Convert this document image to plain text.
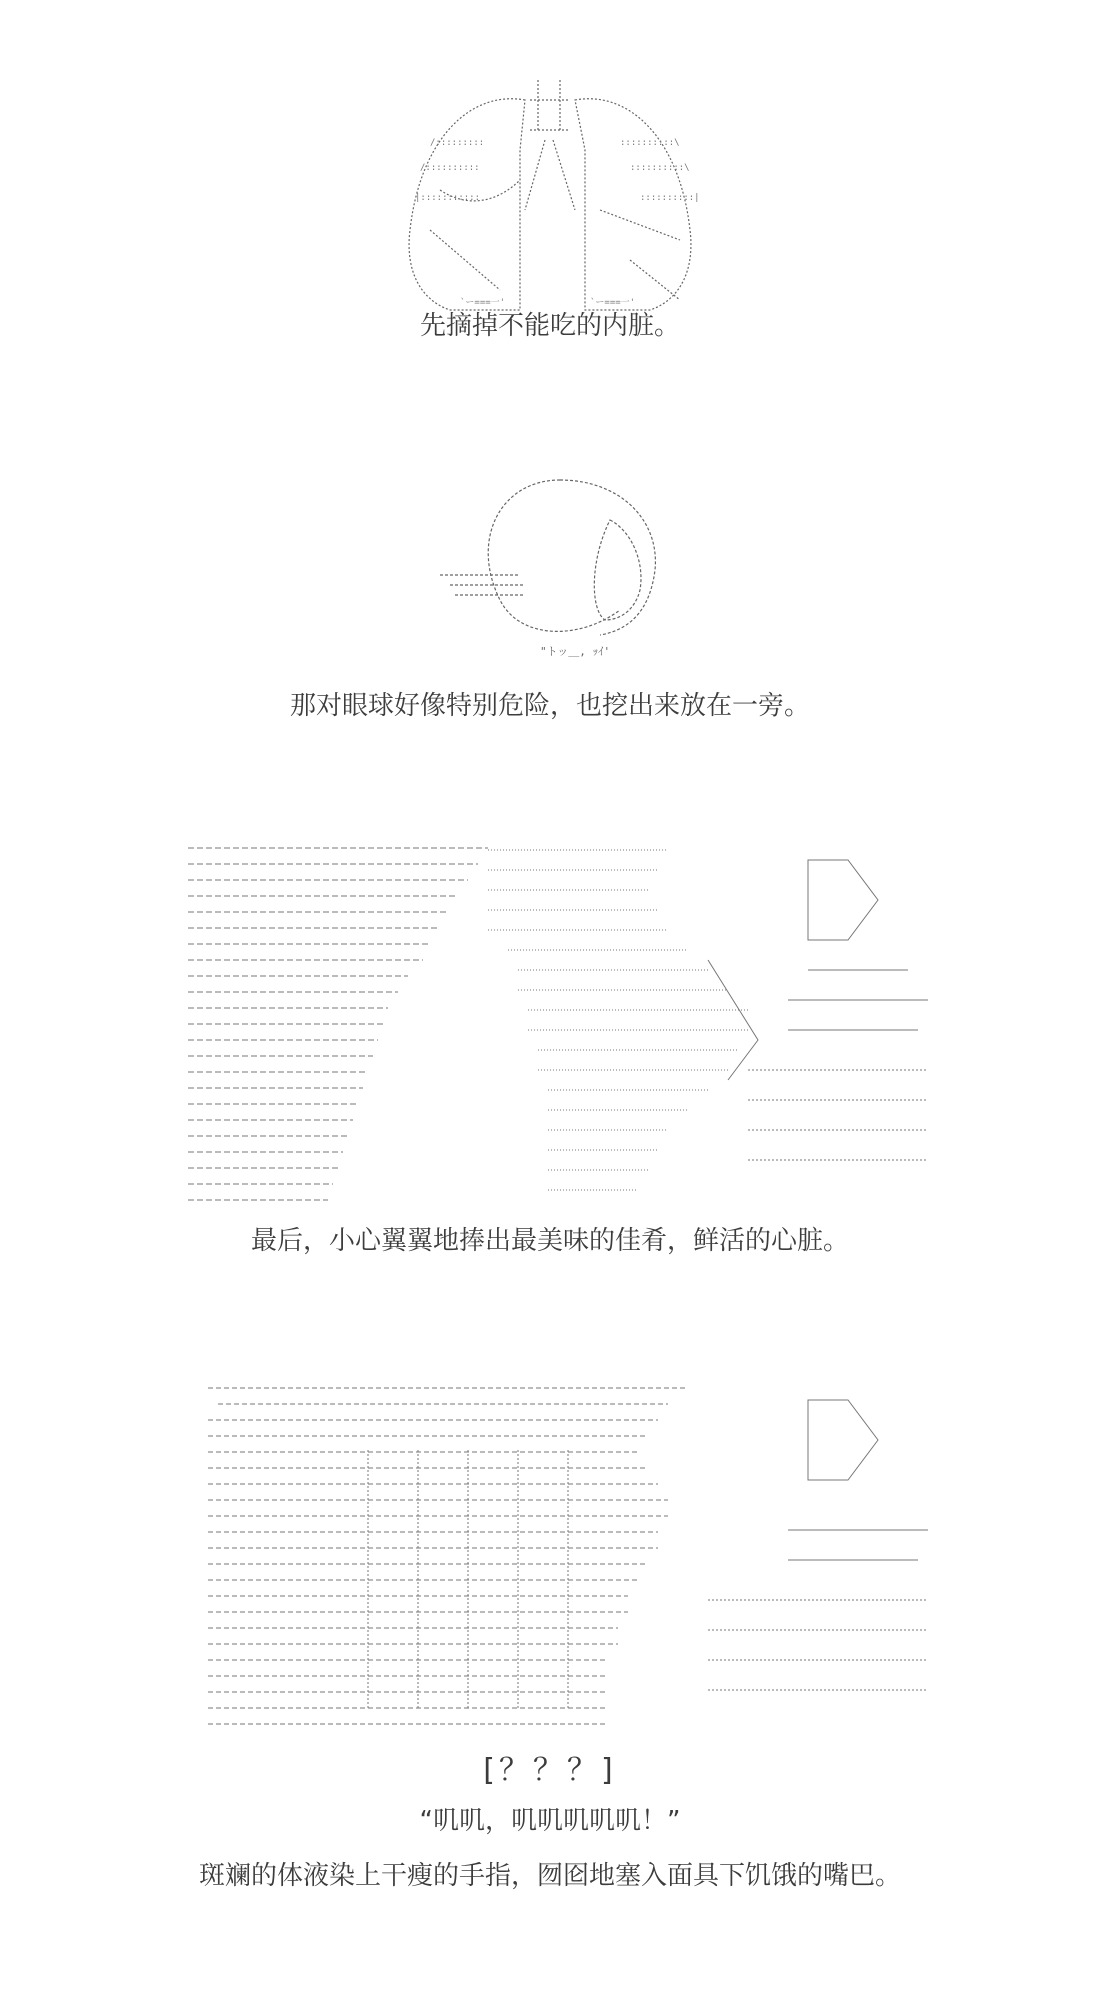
/:::::::::
/::::::::::
|:::::::::::
::::::::::\
::::::::::\
::::::::::|
`ー===一'	`ー===一'
先摘掉不能吃的内脏。
"トッ＿, ｯｲ'
那对眼球好像特别危险，也挖出来放在一旁。
最后，小心翼翼地捧出最美味的佳肴，鲜活的心脏。
[？？？]
“叽叽，叽叽叽叽叽！”
斑斓的体液染上干瘦的手指，囫囵地塞入面具下饥饿的嘴巴。
